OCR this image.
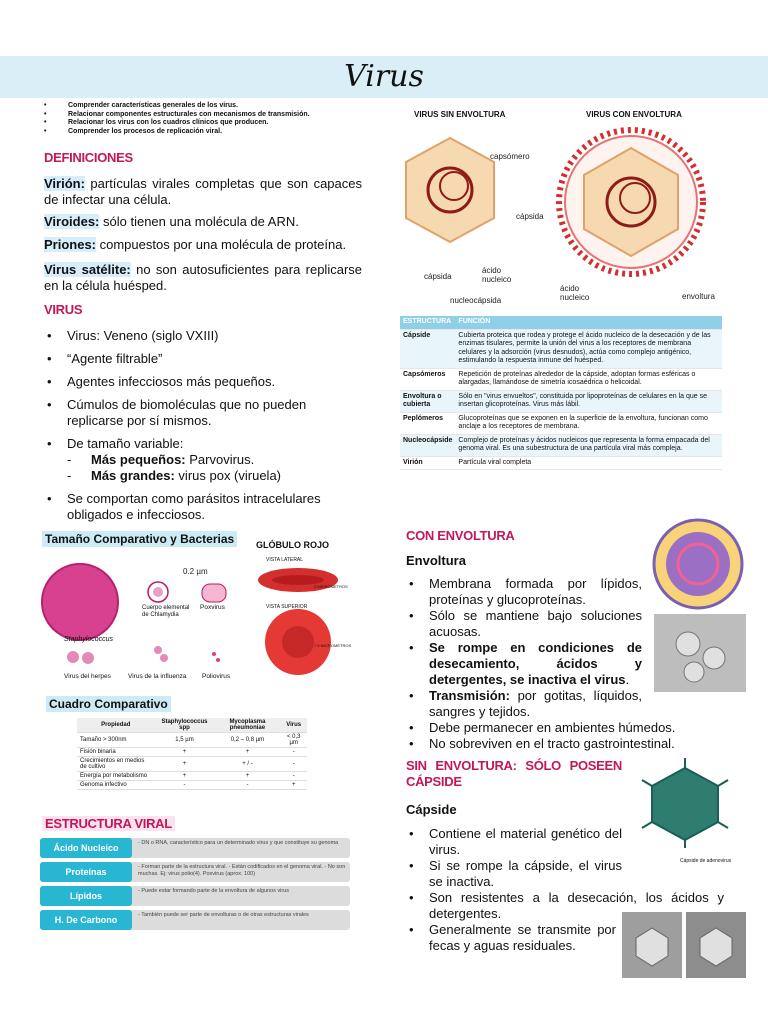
Virus
• Comprender características generales de los virus.
• Relacionar componentes estructurales con mecanismos de transmisión.
• Relacionar los virus con los cuadros clínicos que producen.
• Comprender los procesos de replicación viral.
DEFINICIONES
Virión: partículas virales completas que son capaces de infectar una célula.
Viroides: sólo tienen una molécula de ARN.
Priones: compuestos por una molécula de proteína.
Virus satélite: no son autosuficientes para replicarse en la célula huésped.
VIRUS
• Virus: Veneno (siglo VXIII)
• “Agente filtrable”
• Agentes infecciosos más pequeños.
• Cúmulos de biomoléculas que no pueden replicarse por sí mismos.
• De tamaño variable:
- Más pequeños: Parvovirus.
- Más grandes: virus pox (viruela)
• Se comportan como parásitos intracelulares obligados e infecciosos.
Tamaño Comparativo y Bacterias	GLÓBULO ROJO
0.2 µm
Staphylococcus
Cuerpo elemental de Chlamydia
Poxvirus
Virus del herpes	Virus de la influenza Poliovirus
VISTA LATERAL
VISTA SUPERIOR
2 MICROMETROS
7.5 MICROMETROS
Cuadro Comparativo
Propiedad	Staphylococcus spp	Mycoplasma pneumoniae	Virus
Tamaño > 300nm	1,5 µm	0,2 – 0,8 µm	< 0,3 µm
Fisión binaria	+	+	-
Crecimientos en medios de cultivo	+	+ / -	-
Energía por metabolismo	+	+	-
Genoma infectivo	-	-	+
ESTRUCTURA VIRAL
Ácido Nucleico	- DN o RNA, característico para un determinado virus y que constituye su genoma
Proteínas	- Forman parte de la estructura viral. - Están codificados en el genoma viral. - No son muchas. Ej: virus polio(4). Poxvirus (aprox. 100)
Lípidos	- Puede estar formando parte de la envoltura de algunos virus
H. De Carbono	- También puede ser parte de envolturas o de otras estructuras virales
VIRUS SIN ENVOLTURA	VIRUS CON ENVOLTURA
capsómero
cápsida
cápsida
ácido nucleico
ácido nucleico
nucleocápsida	envoltura
ESTRUCTURA	FUNCIÓN
Cápside	Cubierta proteica que rodea y protege el ácido nucleico de la desecación y de las enzimas tisulares, permite la unión del virus a los receptores de membrana celulares y la adsorción (virus desnudos), actúa como complejo antigénico, estimulando la respuesta inmune del huésped.
Capsómeros	Repetición de proteínas alrededor de la cápside, adoptan formas esféricas o alargadas, llamándose de simetría icosaédrica o helicoidal.
Envoltura o cubierta	Sólo en "virus envueltos", constituida por lipoproteínas de celulares en la que se insertan glicoproteínas. Virus más lábil.
Peplómeros	Glucoproteínas que se exponen en la superficie de la envoltura, funcionan como anclaje a los receptores de membrana.
Nucleocápside	Complejo de proteínas y ácidos nucleicos que representa la forma empacada del genoma viral. Es una subestructura de una partícula viral más compleja.
Virión	Partícula viral completa
CON ENVOLTURA
Envoltura
• Membrana formada por lípidos, proteínas y glucoproteínas.
• Sólo se mantiene bajo soluciones acuosas.
• Se rompe en condiciones de desecamiento, ácidos y detergentes, se inactiva el virus.
• Transmisión: por gotitas, líquidos, sangres y tejidos.
• Debe permanecer en ambientes húmedos.
• No sobreviven en el tracto gastrointestinal.
SIN ENVOLTURA: SÓLO POSEEN CÁPSIDE
Cápside
• Contiene el material genético del virus.
• Si se rompe la cápside, el virus se inactiva.
• Son resistentes a la desecación, los ácidos y detergentes.
• Generalmente se transmite por fecas y aguas residuales.
Cápside de adenovirus
